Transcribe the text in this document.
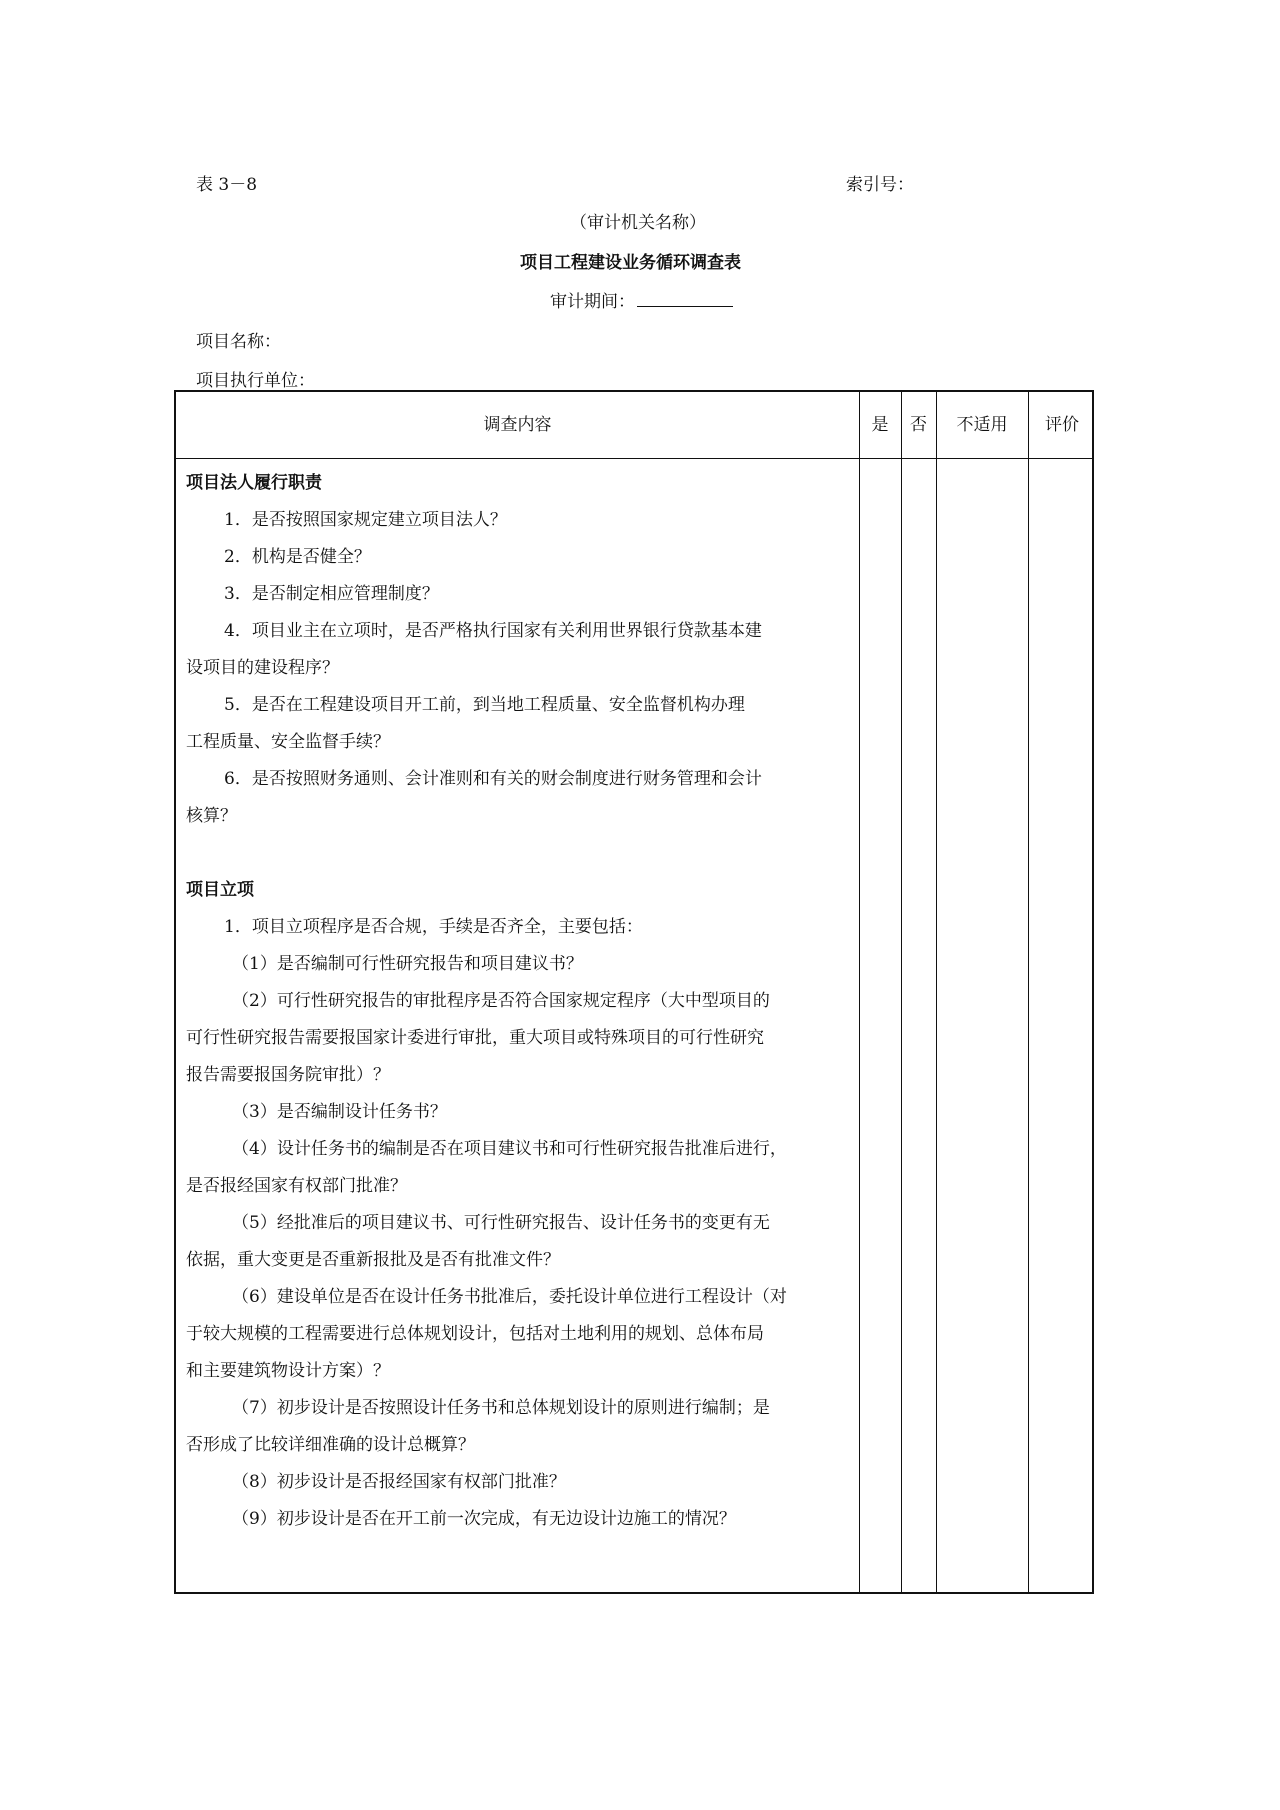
表 3－8	索引号：
（审计机关名称）
项目工程建设业务循环调查表
审计期间：
项目名称：
项目执行单位：
调查内容	是	否	不适用	评价
项目法人履行职责
1．是否按照国家规定建立项目法人？
2．机构是否健全？
3．是否制定相应管理制度？
4．项目业主在立项时，是否严格执行国家有关利用世界银行贷款基本建
设项目的建设程序？
5．是否在工程建设项目开工前，到当地工程质量、安全监督机构办理
工程质量、安全监督手续？
6．是否按照财务通则、会计准则和有关的财会制度进行财务管理和会计
核算？
项目立项
1．项目立项程序是否合规，手续是否齐全，主要包括：
（1）是否编制可行性研究报告和项目建议书？
（2）可行性研究报告的审批程序是否符合国家规定程序（大中型项目的
可行性研究报告需要报国家计委进行审批，重大项目或特殊项目的可行性研究
报告需要报国务院审批）？
（3）是否编制设计任务书？
（4）设计任务书的编制是否在项目建议书和可行性研究报告批准后进行，
是否报经国家有权部门批准？
（5）经批准后的项目建议书、可行性研究报告、设计任务书的变更有无
依据，重大变更是否重新报批及是否有批准文件？
（6）建设单位是否在设计任务书批准后，委托设计单位进行工程设计（对
于较大规模的工程需要进行总体规划设计，包括对土地利用的规划、总体布局
和主要建筑物设计方案）？
（7）初步设计是否按照设计任务书和总体规划设计的原则进行编制；是
否形成了比较详细准确的设计总概算？
（8）初步设计是否报经国家有权部门批准？
（9）初步设计是否在开工前一次完成，有无边设计边施工的情况？
